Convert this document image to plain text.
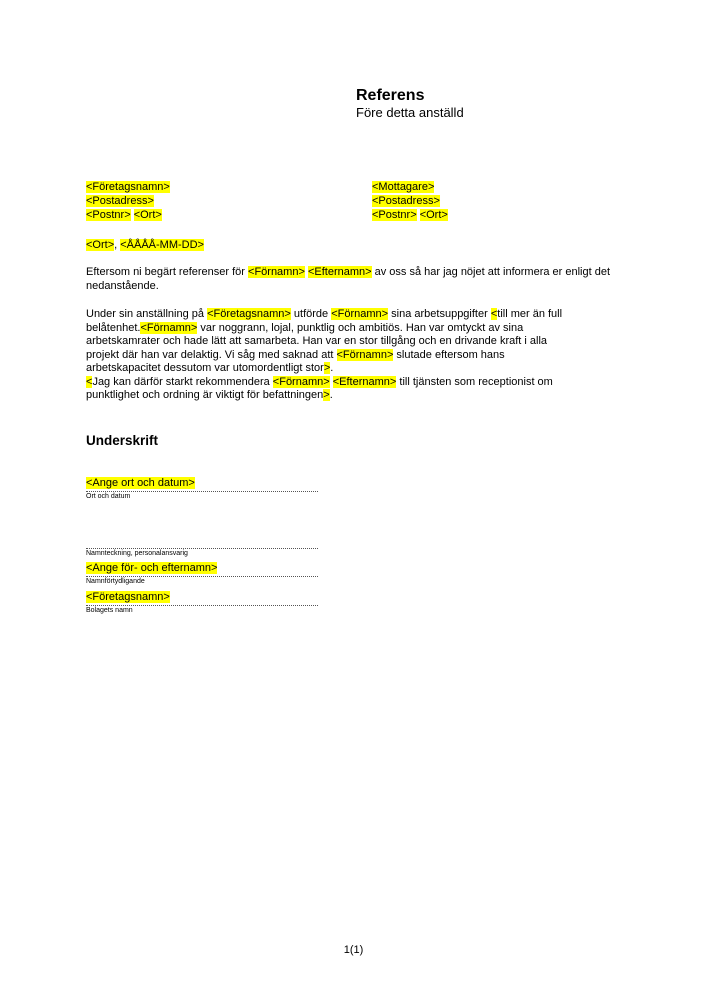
Referens
Före detta anställd
<Företagsnamn>
<Postadress>
<Postnr> <Ort>
<Mottagare>
<Postadress>
<Postnr> <Ort>
<Ort>, <ÅÅÅÅ-MM-DD>
Eftersom ni begärt referenser för <Förnamn> <Efternamn> av oss så har jag nöjet att informera er enligt det nedanstående.
Under sin anställning på <Företagsnamn> utförde <Förnamn> sina arbetsuppgifter <till mer än full
belåtenhet.<Förnamn> var noggrann, lojal, punktlig och ambitiös. Han var omtyckt av sina
arbetskamrater och hade lätt att samarbeta. Han var en stor tillgång och en drivande kraft i alla
projekt där han var delaktig. Vi såg med saknad att <Förnamn> slutade eftersom hans
arbetskapacitet dessutom var utomordentligt stor>.
<Jag kan därför starkt rekommendera <Förnamn> <Efternamn> till tjänsten som receptionist om
punktlighet och ordning är viktigt för befattningen>.
Underskrift
<Ange ort och datum>
Ort och datum
Namnteckning, personalansvarig
<Ange för- och efternamn>
Namnförtydligande
<Företagsnamn>
Bolagets namn
1(1)
